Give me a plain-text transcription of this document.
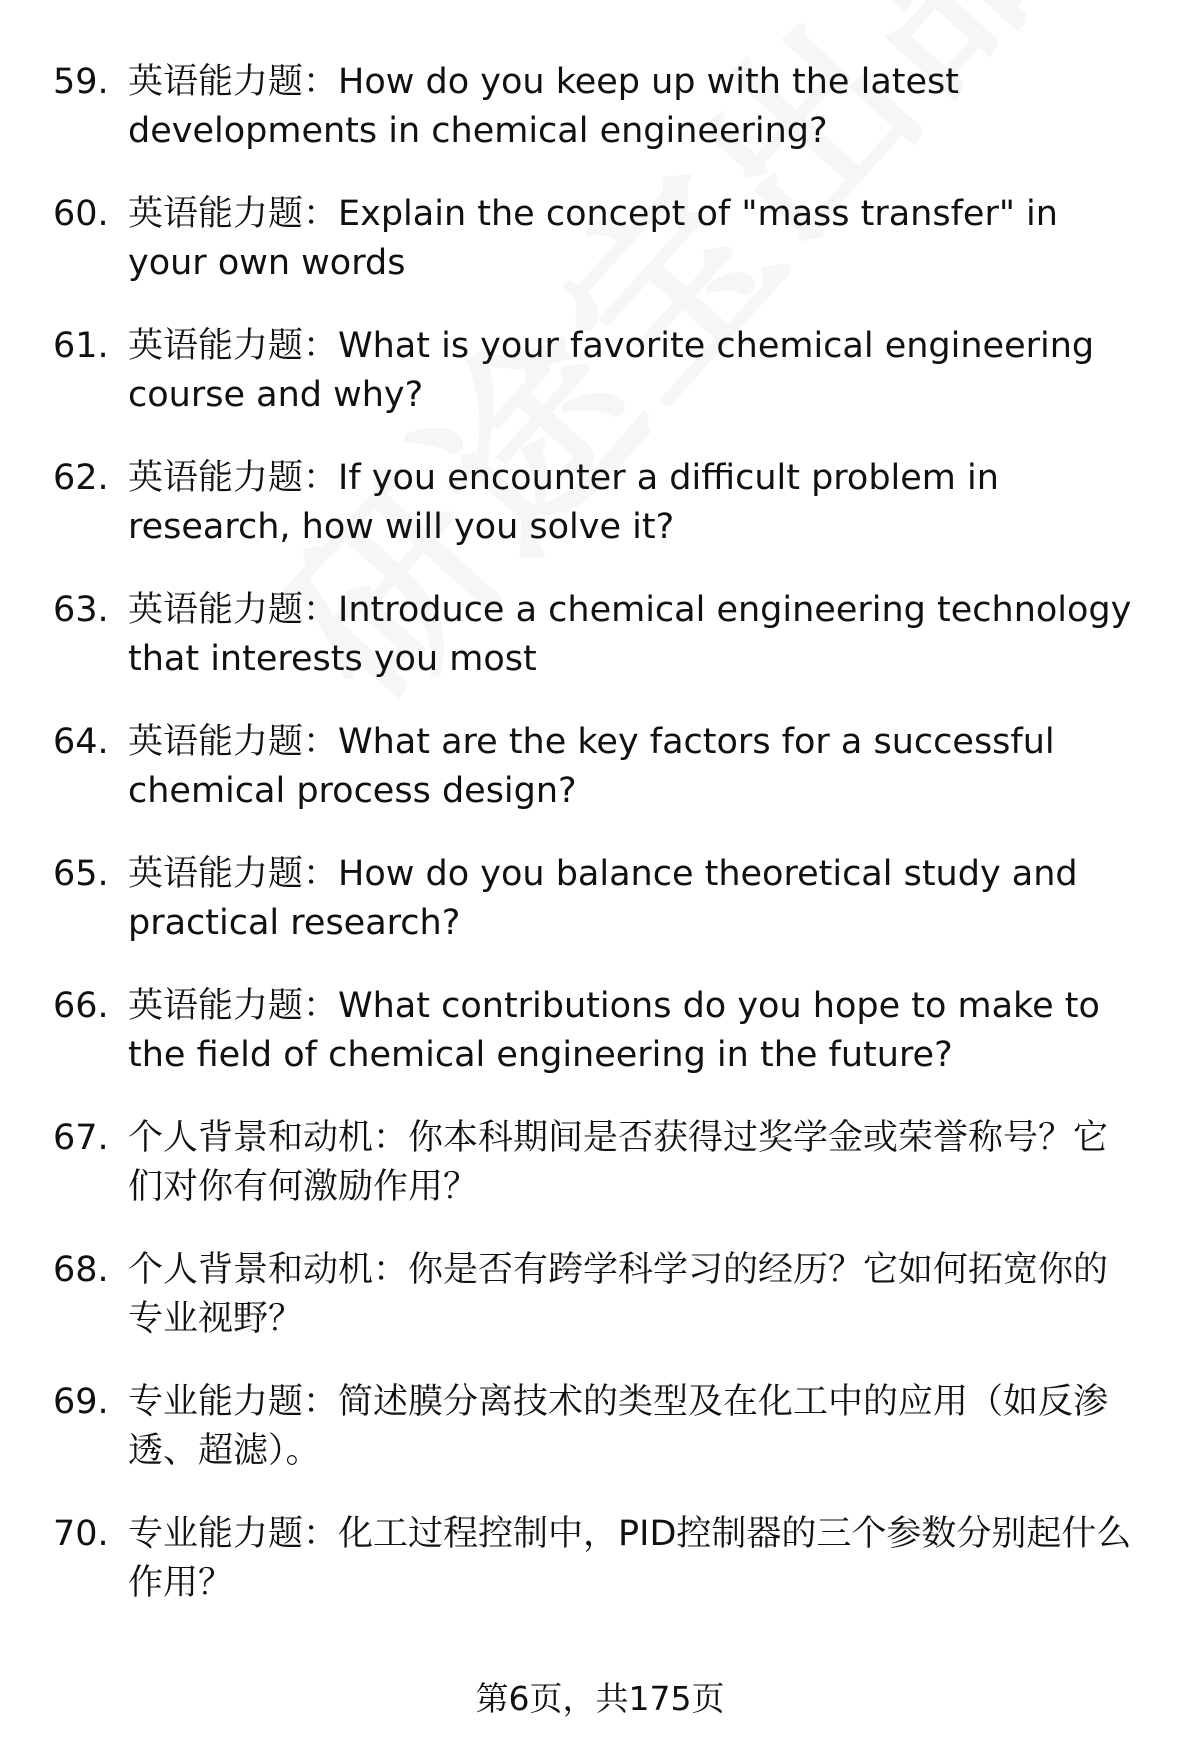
59. 英语能力题：How do you keep up with the latest developments in chemical engineering?
60. 英语能力题：Explain the concept of "mass transfer" in your own words
61. 英语能力题：What is your favorite chemical engineering course and why?
62. 英语能力题：If you encounter a difficult problem in research, how will you solve it?
63. 英语能力题：Introduce a chemical engineering technology that interests you most
64. 英语能力题：What are the key factors for a successful chemical process design?
65. 英语能力题：How do you balance theoretical study and practical research?
66. 英语能力题：What contributions do you hope to make to the field of chemical engineering in the future?
67. 个人背景和动机：你本科期间是否获得过奖学金或荣誉称号？它们对你有何激励作用？
68. 个人背景和动机：你是否有跨学科学习的经历？它如何拓宽你的专业视野？
69. 专业能力题：简述膜分离技术的类型及在化工中的应用（如反渗透、超滤）。
70. 专业能力题：化工过程控制中，PID控制器的三个参数分别起什么作用？
第6页，共175页
